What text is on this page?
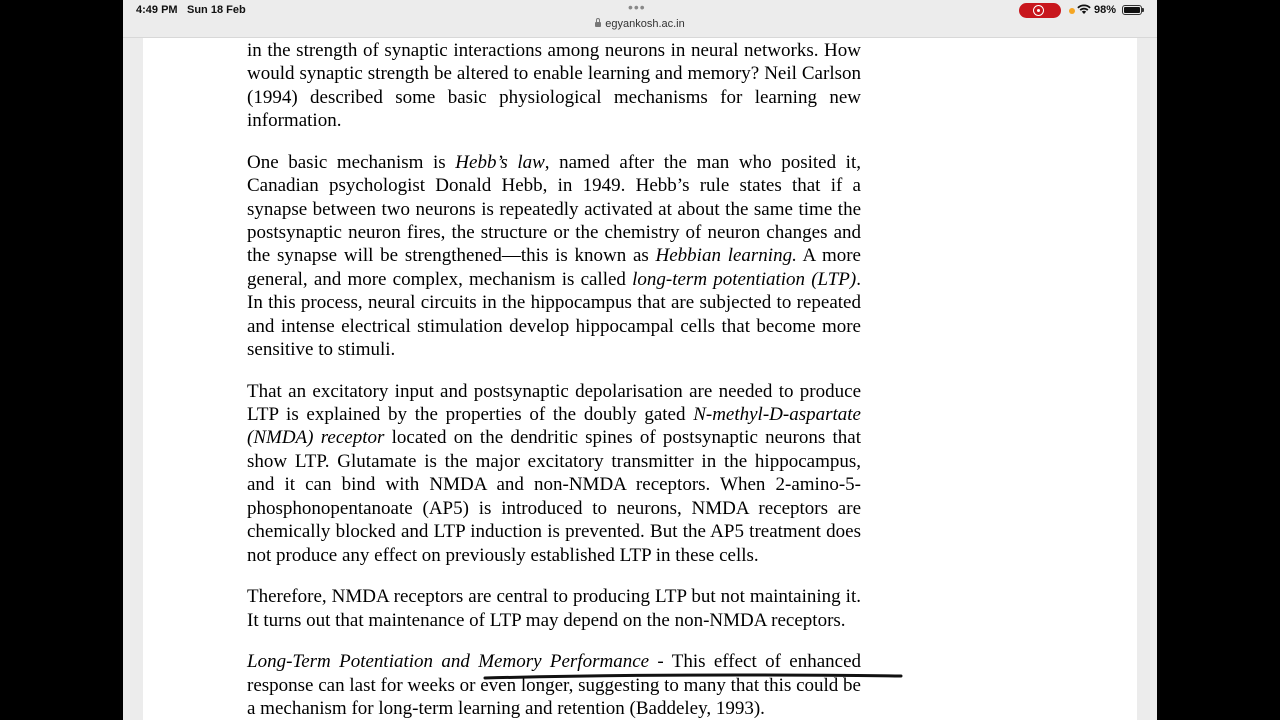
4:49 PM Sun 18 Feb	•••	98%
egyankosh.ac.in

in the strength of synaptic interactions among neurons in neural networks. How would synaptic strength be altered to enable learning and memory? Neil Carlson (1994) described some basic physiological mechanisms for learning new information.

One basic mechanism is Hebb’s law, named after the man who posited it, Canadian psychologist Donald Hebb, in 1949. Hebb’s rule states that if a synapse between two neurons is repeatedly activated at about the same time the postsynaptic neuron fires, the structure or the chemistry of neuron changes and the synapse will be strengthened—this is known as Hebbian learning. A more general, and more complex, mechanism is called long-term potentiation (LTP). In this process, neural circuits in the hippocampus that are subjected to repeated and intense electrical stimulation develop hippocampal cells that become more sensitive to stimuli.

That an excitatory input and postsynaptic depolarisation are needed to produce LTP is explained by the properties of the doubly gated N-methyl-D-aspartate (NMDA) receptor located on the dendritic spines of postsynaptic neurons that show LTP. Glutamate is the major excitatory transmitter in the hippocampus, and it can bind with NMDA and non-NMDA receptors. When 2-amino-5-phosphonopentanoate (AP5) is introduced to neurons, NMDA receptors are chemically blocked and LTP induction is prevented. But the AP5 treatment does not produce any effect on previously established LTP in these cells.

Therefore, NMDA receptors are central to producing LTP but not maintaining it. It turns out that maintenance of LTP may depend on the non-NMDA receptors.

Long-Term Potentiation and Memory Performance - This effect of enhanced response can last for weeks or even longer, suggesting to many that this could be a mechanism for long-term learning and retention (Baddeley, 1993).
